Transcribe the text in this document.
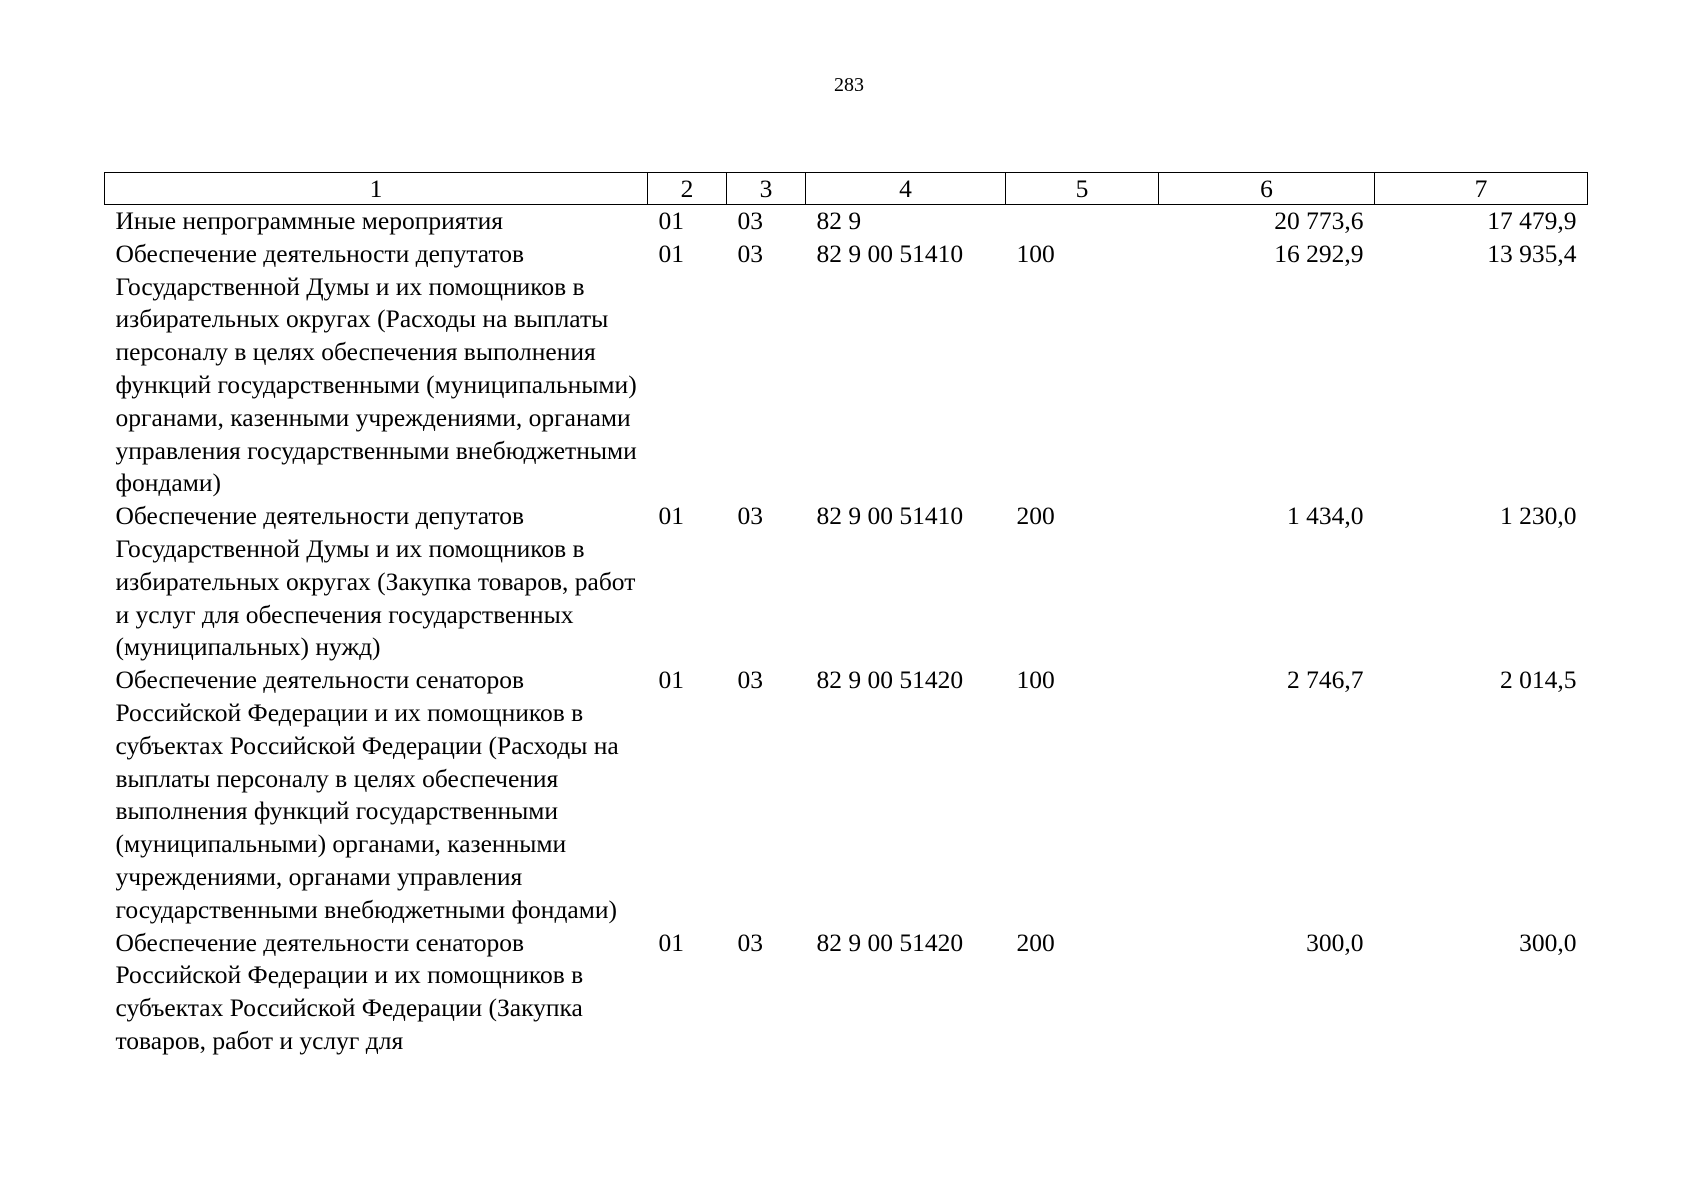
283
1	2	3	4	5	6	7
Иные непрограммные мероприятия	01	03	82 9		20 773,6	17 479,9
Обеспечение деятельности депутатов Государственной Думы и их помощников в избирательных округах (Расходы на выплаты персоналу в целях обеспечения выполнения функций государственными (муниципальными) органами, казенными учреждениями, органами управления государственными внебюджетными фондами)	01	03	82 9 00 51410	100	16 292,9	13 935,4
Обеспечение деятельности депутатов Государственной Думы и их помощников в избирательных округах (Закупка товаров, работ и услуг для обеспечения государственных (муниципальных) нужд)	01	03	82 9 00 51410	200	1 434,0	1 230,0
Обеспечение деятельности сенаторов Российской Федерации и их помощников в субъектах Российской Федерации (Расходы на выплаты персоналу в целях обеспечения выполнения функций государственными (муниципальными) органами, казенными учреждениями, органами управления государственными внебюджетными фондами)	01	03	82 9 00 51420	100	2 746,7	2 014,5
Обеспечение деятельности сенаторов Российской Федерации и их помощников в субъектах Российской Федерации (Закупка товаров, работ и услуг для	01	03	82 9 00 51420	200	300,0	300,0
